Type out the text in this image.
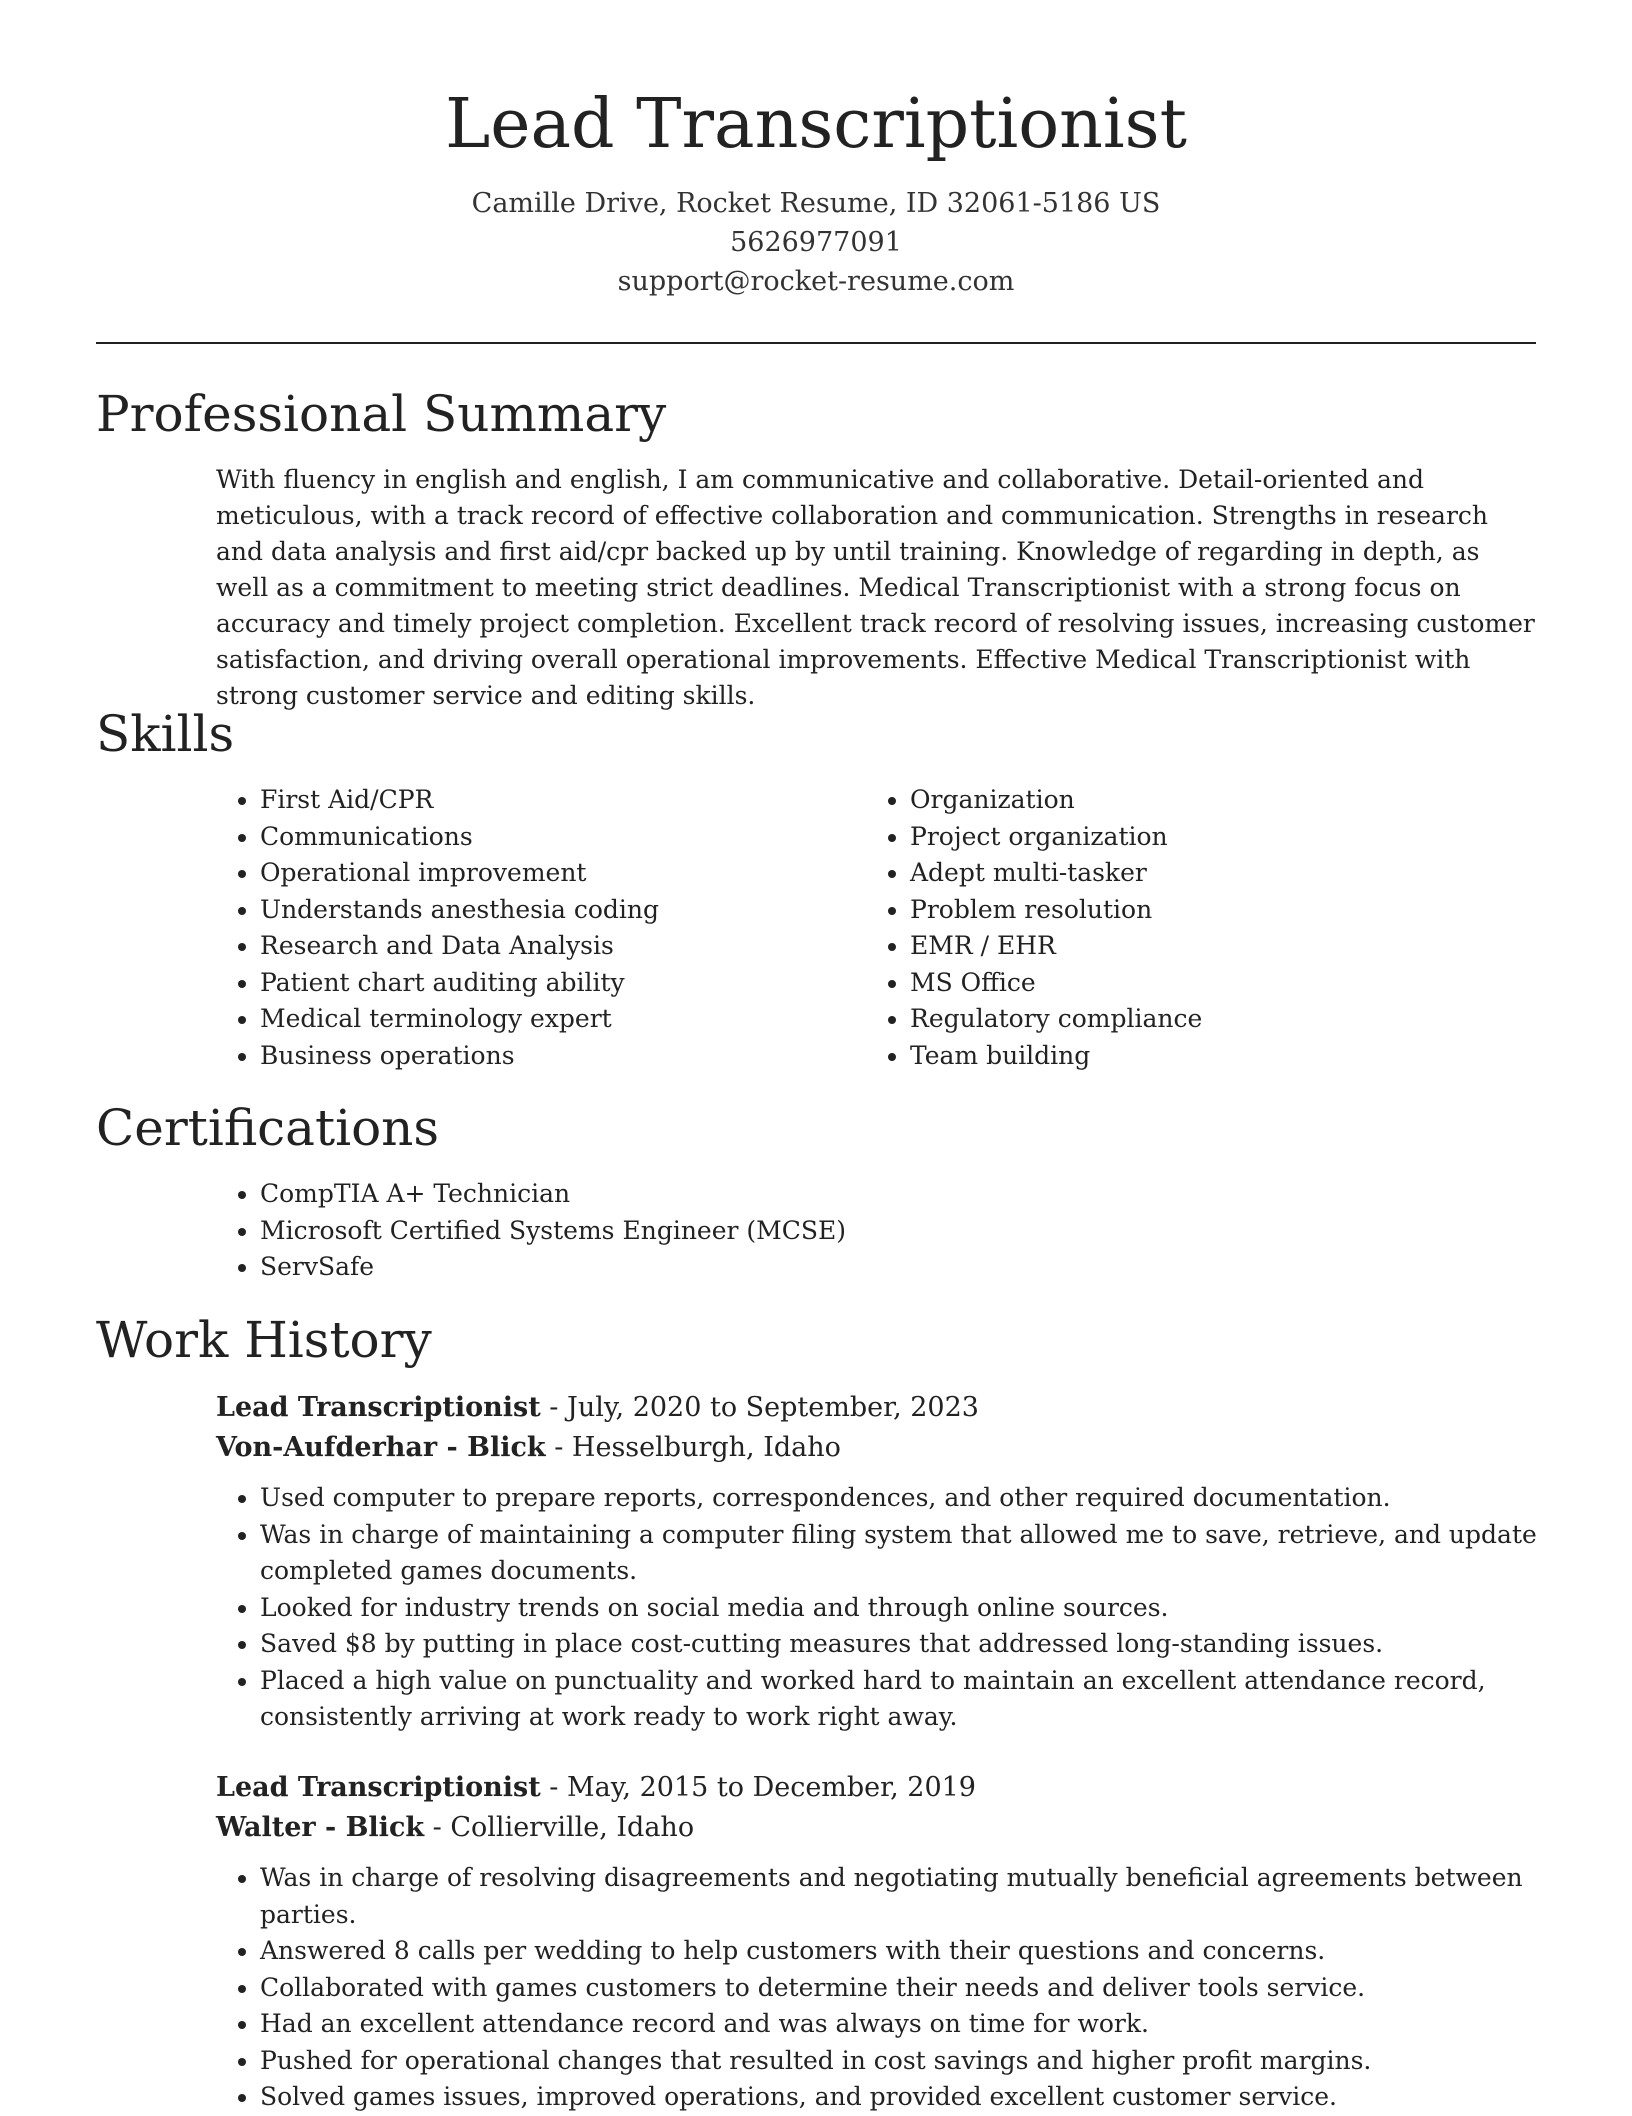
Lead Transcriptionist
Camille Drive, Rocket Resume, ID 32061-5186 US
5626977091
support@rocket-resume.com
Professional Summary

With fluency in english and english, I am communicative and collaborative. Detail-oriented and meticulous, with a track record of effective collaboration and communication. Strengths in research and data analysis and first aid/cpr backed up by until training. Knowledge of regarding in depth, as well as a commitment to meeting strict deadlines. Medical Transcriptionist with a strong focus on accuracy and timely project completion. Excellent track record of resolving issues, increasing customer satisfaction, and driving overall operational improvements. Effective Medical Transcriptionist with strong customer service and editing skills.

Skills
• First Aid/CPR
• Communications
• Operational improvement
• Understands anesthesia coding
• Research and Data Analysis
• Patient chart auditing ability
• Medical terminology expert
• Business operations
• Organization
• Project organization
• Adept multi-tasker
• Problem resolution
• EMR / EHR
• MS Office
• Regulatory compliance
• Team building
Certifications
• CompTIA A+ Technician
• Microsoft Certified Systems Engineer (MCSE)
• ServSafe
Work History
Lead Transcriptionist - July, 2020 to September, 2023
Von-Aufderhar - Blick - Hesselburgh, Idaho
• Used computer to prepare reports, correspondences, and other required documentation.
• Was in charge of maintaining a computer filing system that allowed me to save, retrieve, and update completed games documents.
• Looked for industry trends on social media and through online sources.
• Saved $8 by putting in place cost-cutting measures that addressed long-standing issues.
• Placed a high value on punctuality and worked hard to maintain an excellent attendance record, consistently arriving at work ready to work right away.
Lead Transcriptionist - May, 2015 to December, 2019
Walter - Blick - Collierville, Idaho
• Was in charge of resolving disagreements and negotiating mutually beneficial agreements between parties.
• Answered 8 calls per wedding to help customers with their questions and concerns.
• Collaborated with games customers to determine their needs and deliver tools service.
• Had an excellent attendance record and was always on time for work.
• Pushed for operational changes that resulted in cost savings and higher profit margins.
• Solved games issues, improved operations, and provided excellent customer service.
